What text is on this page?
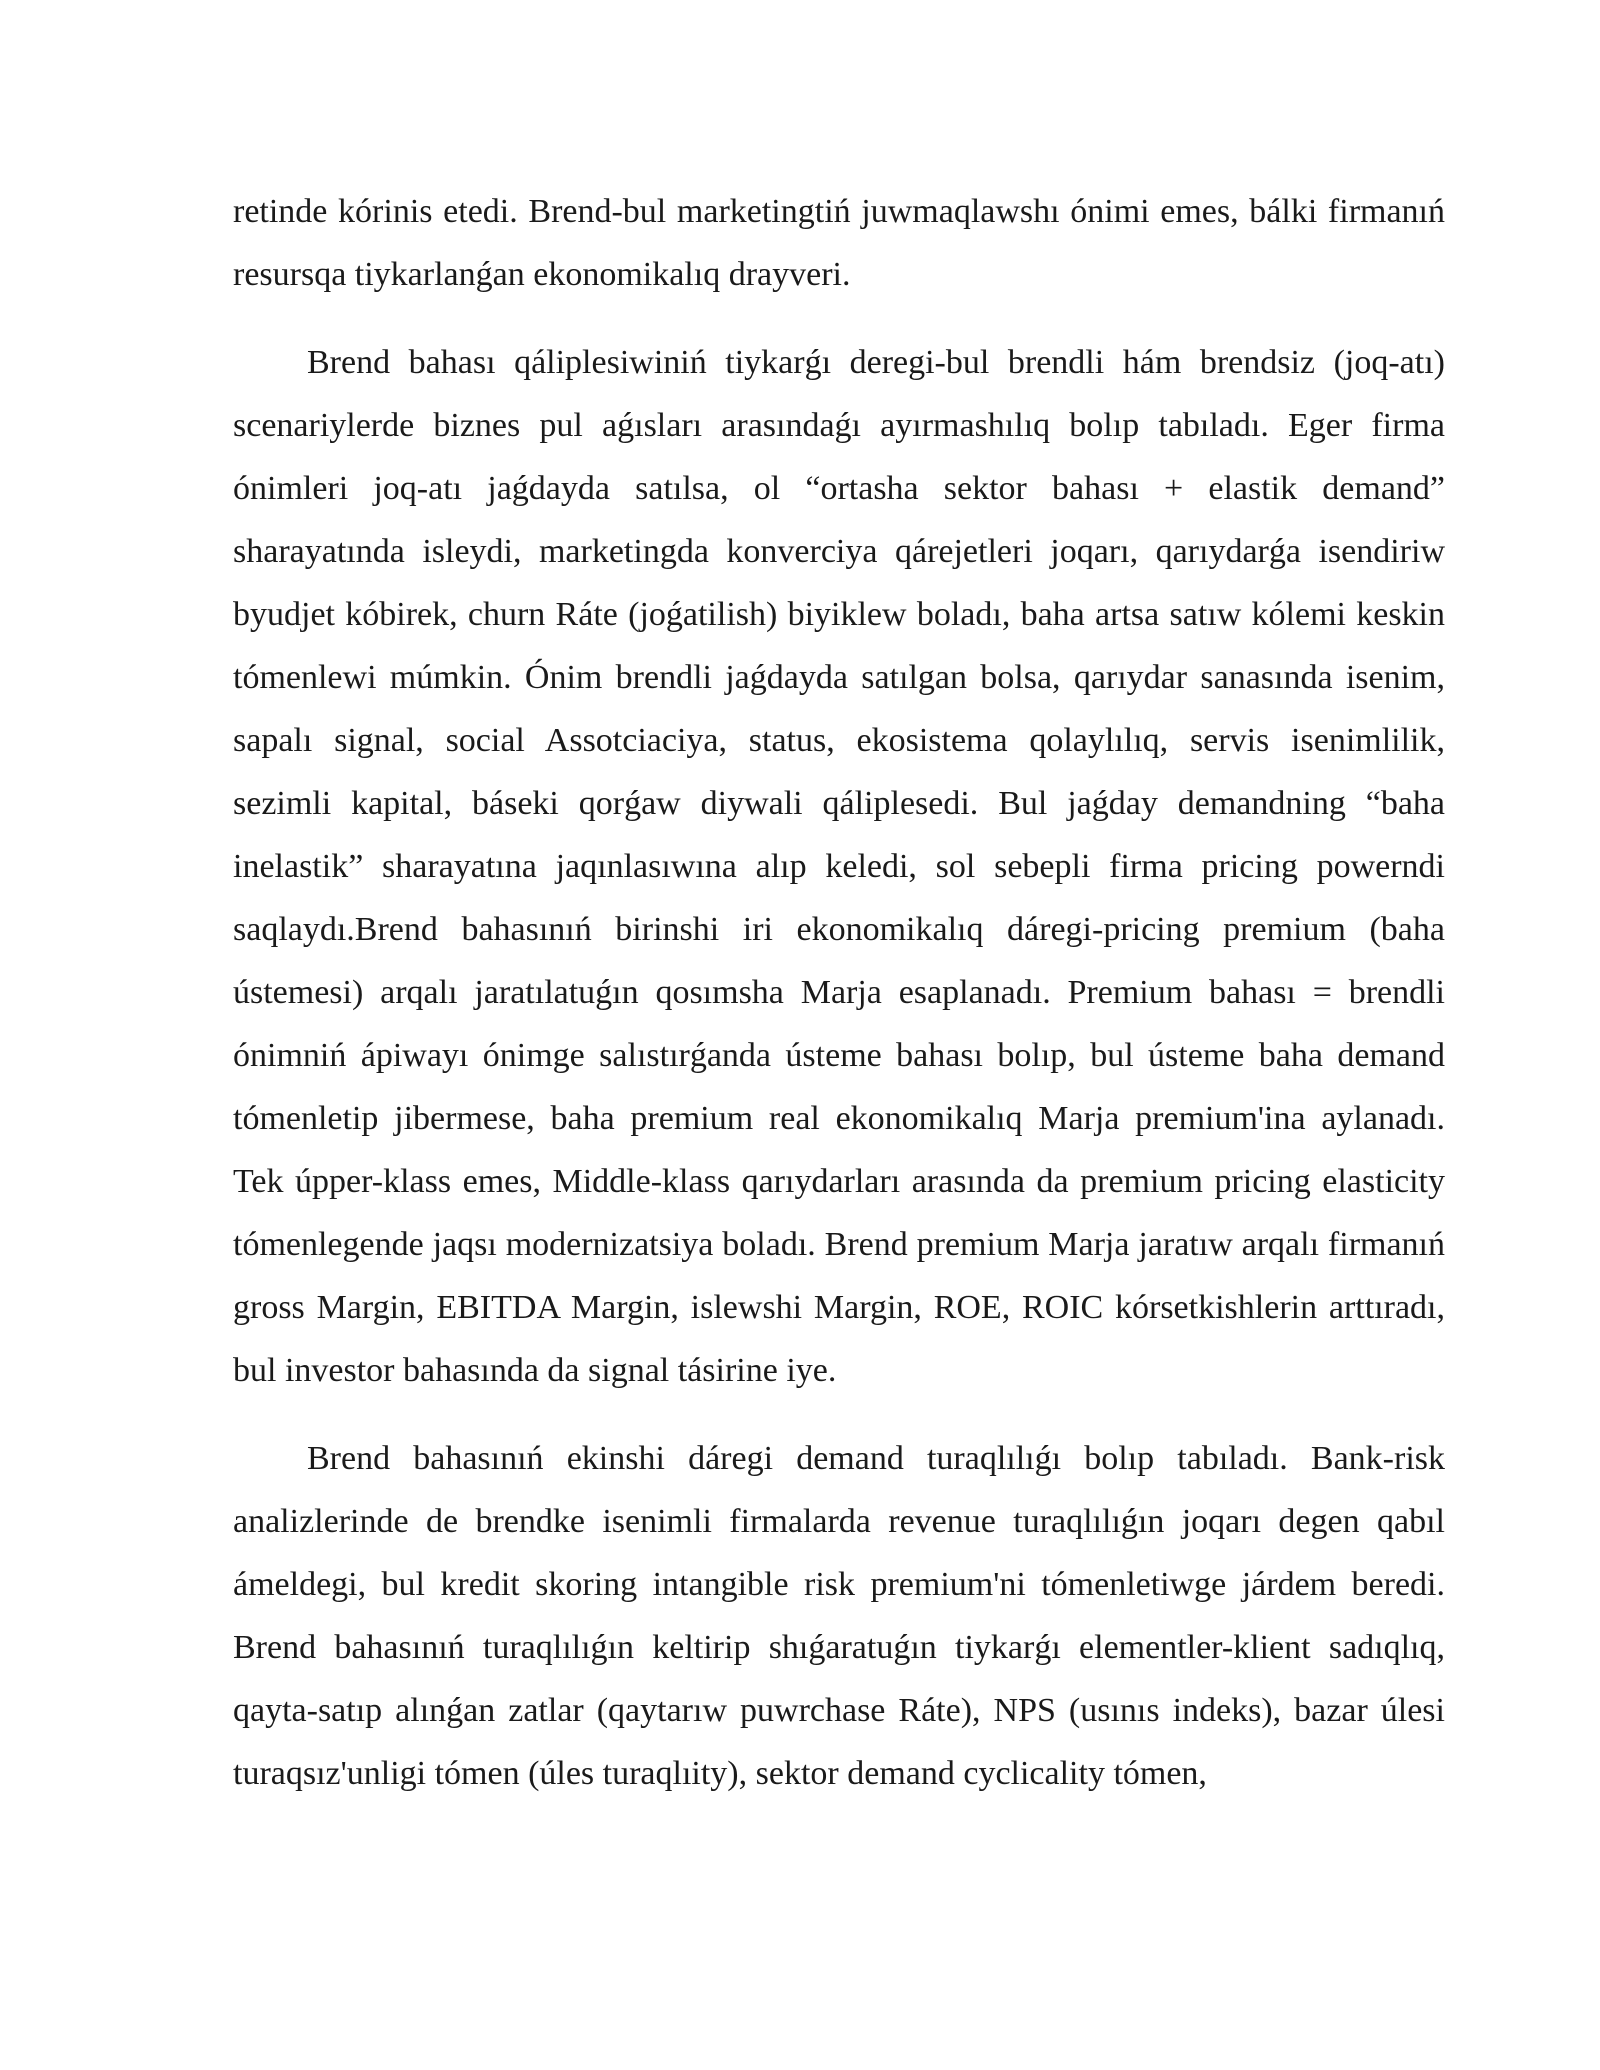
retinde kórinis etedi. Brend-bul marketingtiń juwmaqlawshı ónimi emes, bálki firmanıń resursqa tiykarlanǵan ekonomikalıq drayveri.

Brend bahası qáliplesiwiniń tiykarǵı deregi-bul brendli hám brendsiz (joq-atı) scenariylerde biznes pul aǵısları arasındaǵı ayırmashılıq bolıp tabıladı. Eger firma ónimleri joq-atı jaǵdayda satılsa, ol “ortasha sektor bahası + elastik demand” sharayatında isleydi, marketingda konverciya qárejetleri joqarı, qarıydarǵa isendiriw byudjet kóbirek, churn Ráte (joǵatilish) biyiklew boladı, baha artsa satıw kólemi keskin tómenlewi múmkin. Ónim brendli jaǵdayda satılgan bolsa, qarıydar sanasında isenim, sapalı signal, social Assotciaciya, status, ekosistema qolaylılıq, servis isenimlilik, sezimli kapital, báseki qorǵaw diywali qáliplesedi. Bul jaǵday demandning “baha inelastik” sharayatına jaqınlasıwına alıp keledi, sol sebepli firma pricing powerndi saqlaydı.Brend bahasınıń birinshi iri ekonomikalıq dáregi-pricing premium (baha ústemesi) arqalı jaratılatuǵın qosımsha Marja esaplanadı. Premium bahası = brendli ónimniń ápiwayı ónimge salıstırǵanda ústeme bahası bolıp, bul ústeme baha demand tómenletip jibermese, baha premium real ekonomikalıq Marja premium'ina aylanadı. Tek úpper-klass emes, Middle-klass qarıydarları arasında da premium pricing elasticity tómenlegende jaqsı modernizatsiya boladı. Brend premium Marja jaratıw arqalı firmanıń gross Margin, EBITDA Margin, islewshi Margin, ROE, ROIC kórsetkishlerin arttıradı, bul investor bahasında da signal tásirine iye.

Brend bahasınıń ekinshi dáregi demand turaqlılıǵı bolıp tabıladı. Bank-risk analizlerinde de brendke isenimli firmalarda revenue turaqlılıǵın joqarı degen qabıl ámeldegi, bul kredit skoring intangible risk premium'ni tómenletiwge járdem beredi. Brend bahasınıń turaqlılıǵın keltirip shıǵaratuǵın tiykarǵı elementler-klient sadıqlıq, qayta-satıp alınǵan zatlar (qaytarıw puwrchase Ráte), NPS (usınıs indeks), bazar úlesi turaqsız'unligi tómen (úles turaqlıity), sektor demand cyclicality tómen,
